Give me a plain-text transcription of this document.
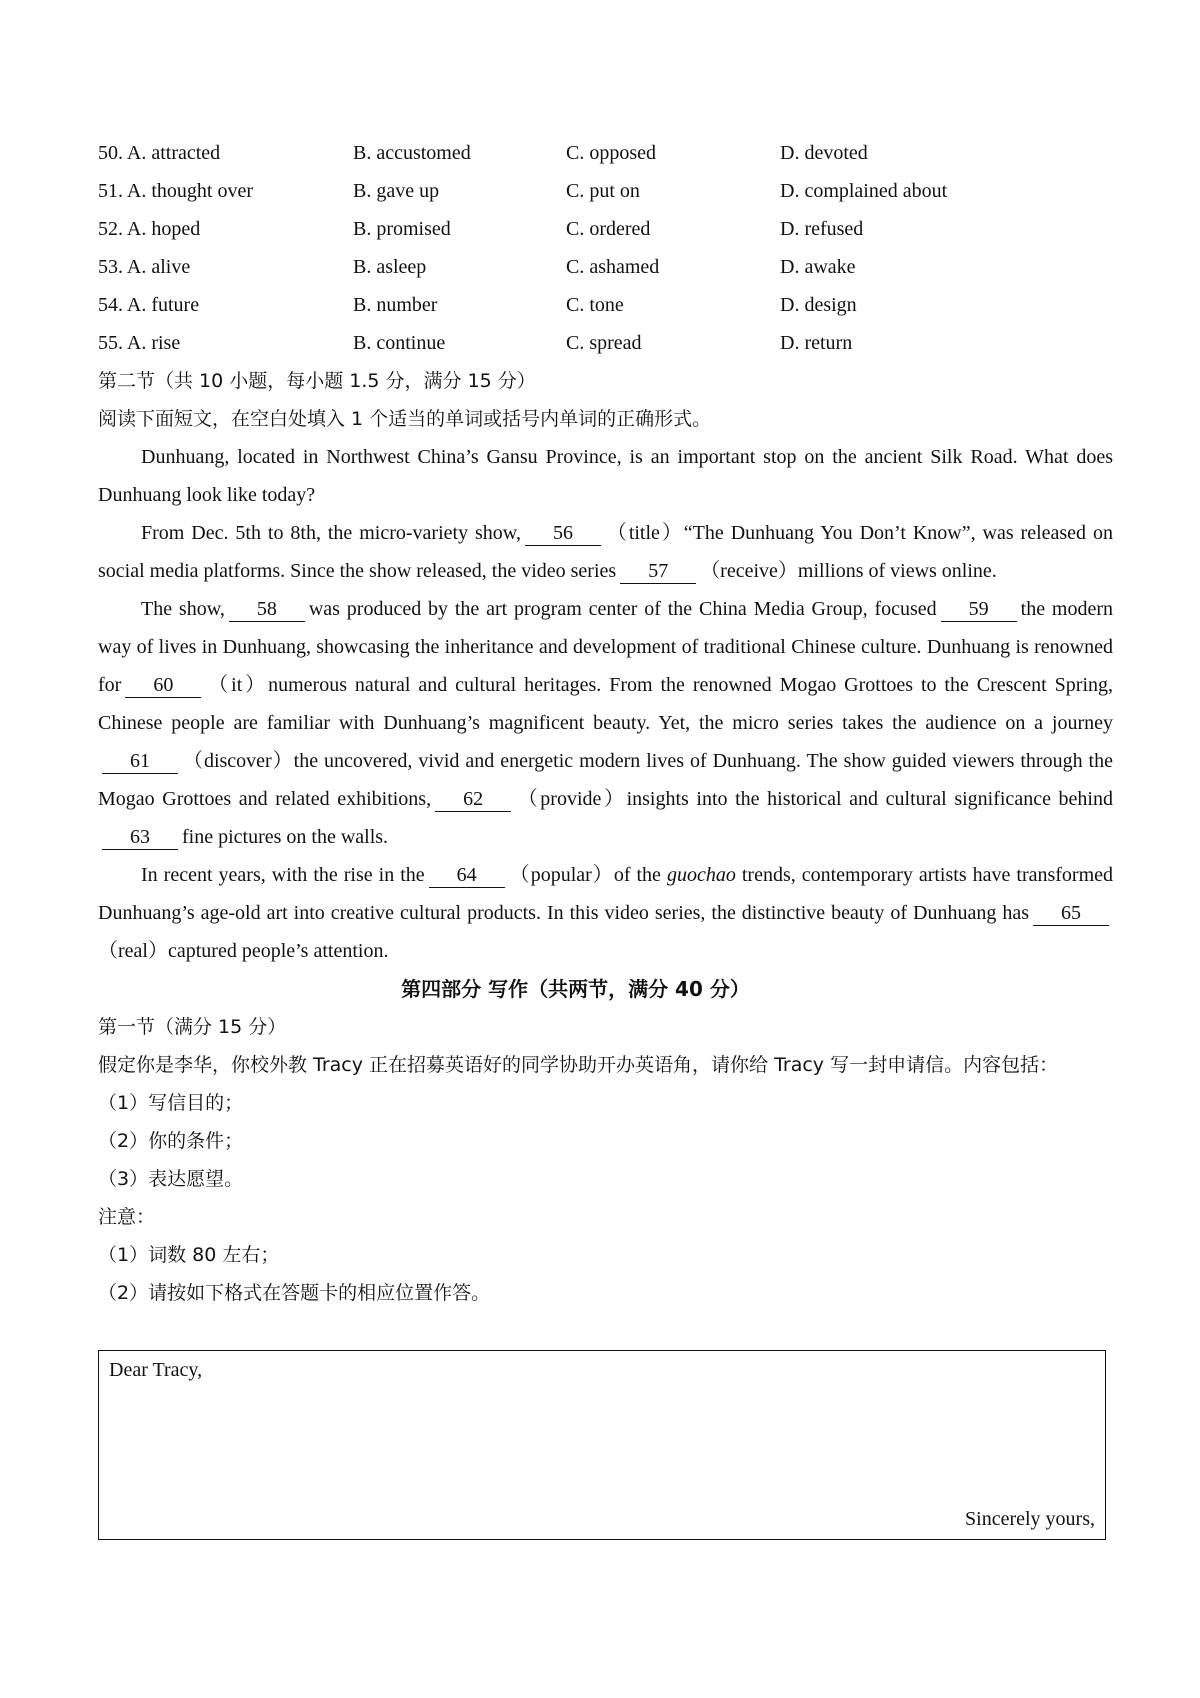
50. A. attracted	B. accustomed	C. opposed	D. devoted
51. A. thought over	B. gave up	C. put on	D. complained about
52. A. hoped	B. promised	C. ordered	D. refused
53. A. alive	B. asleep	C. ashamed	D. awake
54. A. future	B. number	C. tone	D. design
55. A. rise	B. continue	C. spread	D. return
第二节（共 10 小题，每小题 1.5 分，满分 15 分）
阅读下面短文，在空白处填入 1 个适当的单词或括号内单词的正确形式。
Dunhuang, located in Northwest China’s Gansu Province, is an important stop on the ancient Silk Road. What does Dunhuang look like today?
From Dec. 5th to 8th, the micro-variety show, 56 （title）“The Dunhuang You Don’t Know”, was released on social media platforms. Since the show released, the video series 57 （receive）millions of views online.
The show, 58 was produced by the art program center of the China Media Group, focused 59 the modern way of lives in Dunhuang, showcasing the inheritance and development of traditional Chinese culture. Dunhuang is renowned for 60 （it）numerous natural and cultural heritages. From the renowned Mogao Grottoes to the Crescent Spring, Chinese people are familiar with Dunhuang’s magnificent beauty. Yet, the micro series takes the audience on a journey61 （discover）the uncovered, vivid and energetic modern lives of Dunhuang. The show guided viewers through the Mogao Grottoes and related exhibitions, 62 （provide）insights into the historical and cultural significance behind63 fine pictures on the walls.
In recent years, with the rise in the 64 （popular）of the guochao trends, contemporary artists have transformed Dunhuang’s age-old art into creative cultural products. In this video series, the distinctive beauty of Dunhuang has 65（real）captured people’s attention.
第四部分 写作（共两节，满分 40 分）
第一节（满分 15 分）
假定你是李华，你校外教 Tracy 正在招募英语好的同学协助开办英语角，请你给 Tracy 写一封申请信。内容包括：
（1）写信目的；
（2）你的条件；
（3）表达愿望。
注意：
（1）词数 80 左右；
（2）请按如下格式在答题卡的相应位置作答。
Dear Tracy,
Sincerely yours,
